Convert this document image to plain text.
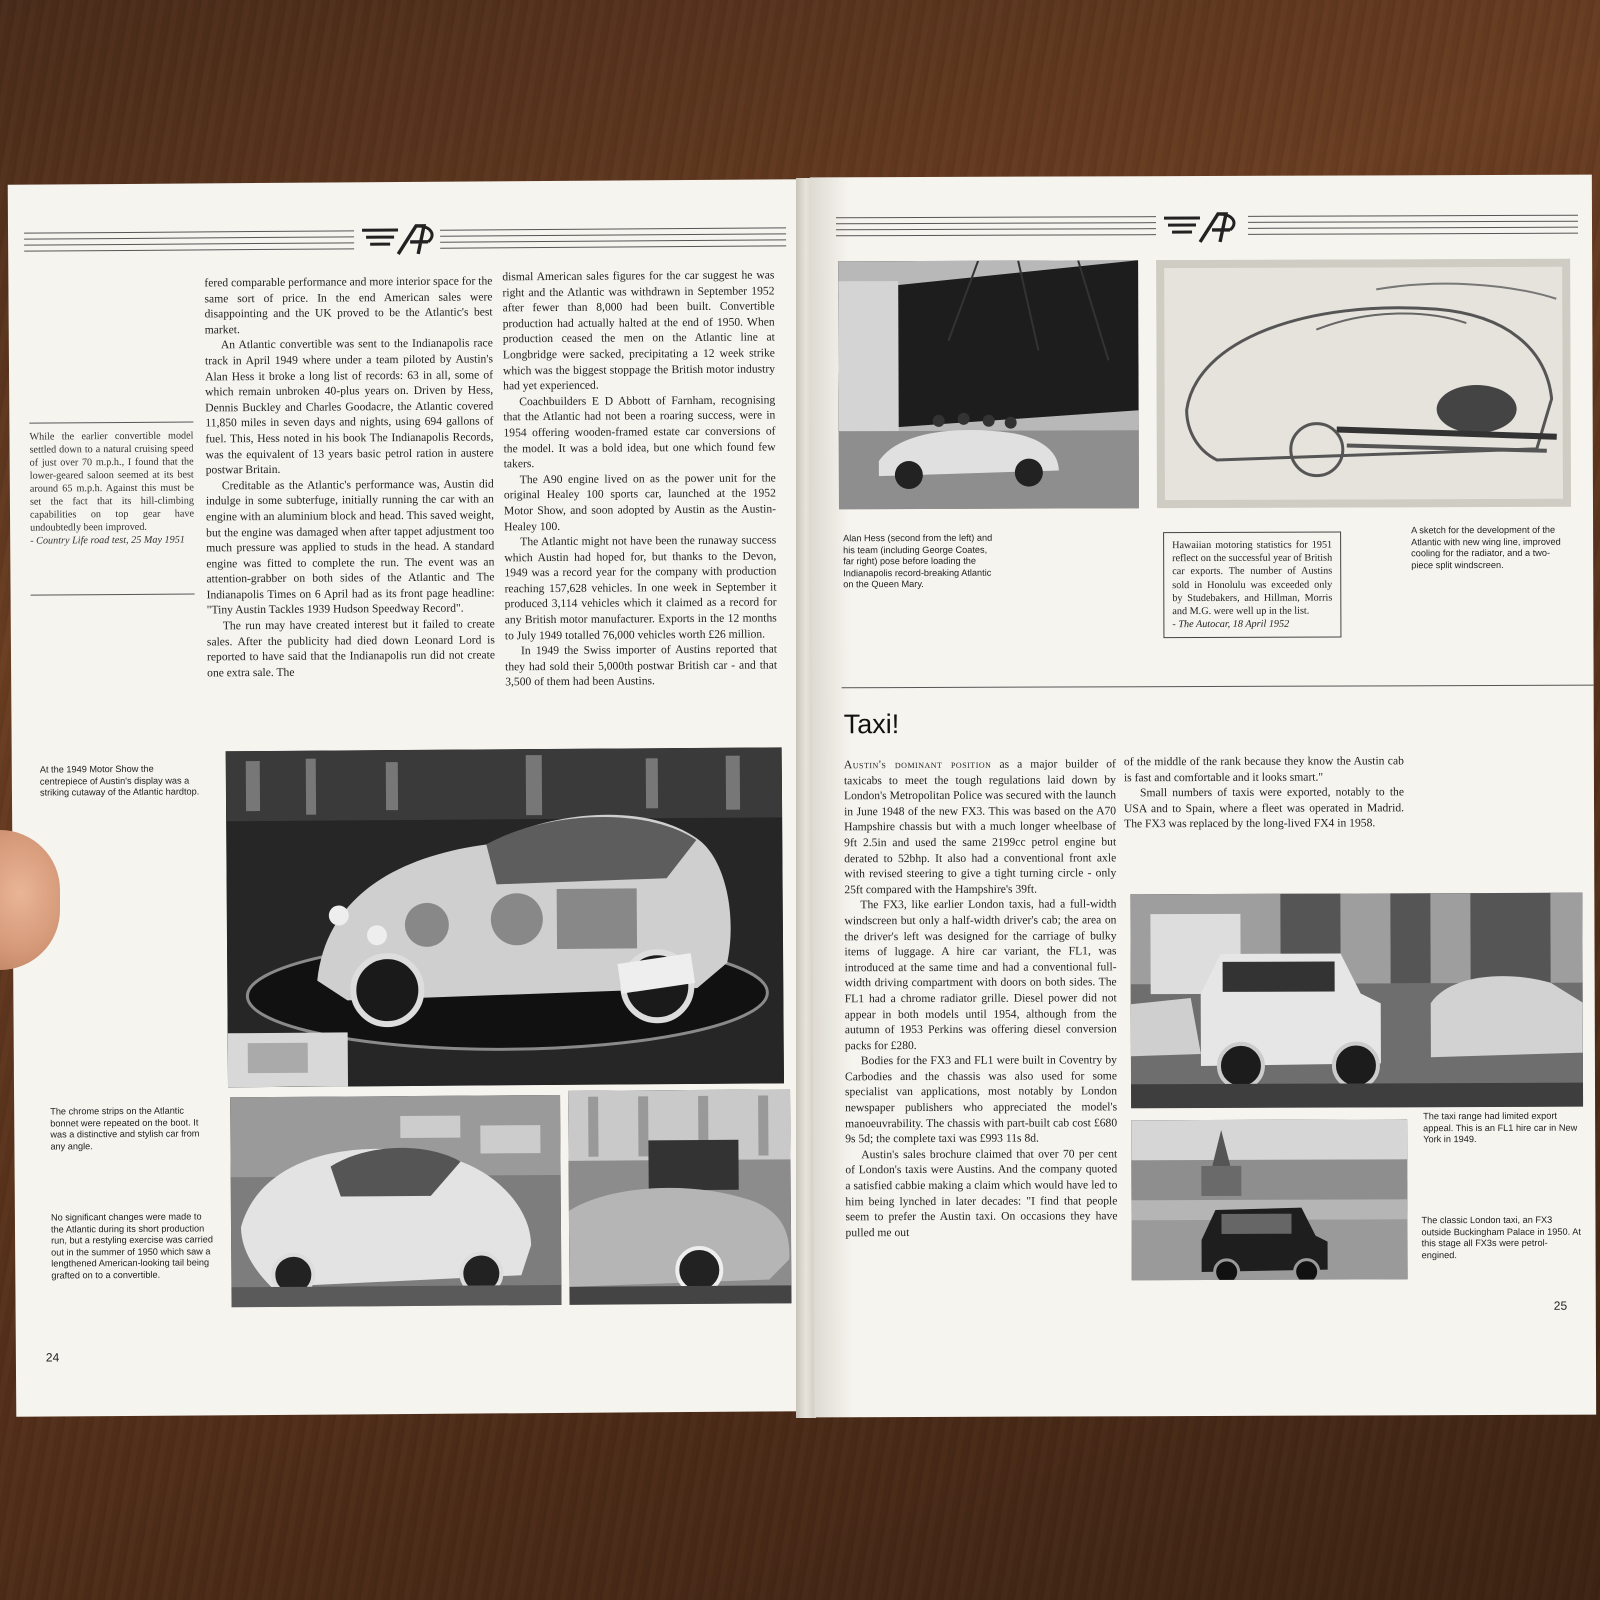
fered comparable performance and more interior space for the same sort of price. In the end American sales were disappointing and the UK proved to be the Atlantic's best market.

An Atlantic convertible was sent to the Indianapolis race track in April 1949 where under a team piloted by Austin's Alan Hess it broke a long list of records: 63 in all, some of which remain unbroken 40-plus years on. Driven by Hess, Dennis Buckley and Charles Goodacre, the Atlantic covered 11,850 miles in seven days and nights, using 694 gallons of fuel. This, Hess noted in his book The Indianapolis Records, was the equivalent of 13 years basic petrol ration in austere postwar Britain.

Creditable as the Atlantic's performance was, Austin did indulge in some subterfuge, initially running the car with an engine with an aluminium block and head. This saved weight, but the engine was damaged when after tappet adjustment too much pressure was applied to studs in the head. A standard engine was fitted to complete the run. The event was an attention-grabber on both sides of the Atlantic and The Indianapolis Times on 6 April had as its front page headline: "Tiny Austin Tackles 1939 Hudson Speedway Record".

The run may have created interest but it failed to create sales. After the publicity had died down Leonard Lord is reported to have said that the Indianapolis run did not create one extra sale. The

dismal American sales figures for the car suggest he was right and the Atlantic was withdrawn in September 1952 after fewer than 8,000 had been built. Convertible production had actually halted at the end of 1950. When production ceased the men on the Atlantic line at Longbridge were sacked, precipitating a 12 week strike which was the biggest stoppage the British motor industry had yet experienced.

Coachbuilders E D Abbott of Farnham, recognising that the Atlantic had not been a roaring success, were in 1954 offering wooden-framed estate car conversions of the model. It was a bold idea, but one which found few takers.

The A90 engine lived on as the power unit for the original Healey 100 sports car, launched at the 1952 Motor Show, and soon adopted by Austin as the Austin-Healey 100.

The Atlantic might not have been the runaway success which Austin had hoped for, but thanks to the Devon, 1949 was a record year for the company with production reaching 157,628 vehicles. In one week in September it produced 3,114 vehicles which it claimed as a record for any British motor manufacturer. Exports in the 12 months to July 1949 totalled 76,000 vehicles worth £26 million.

In 1949 the Swiss importer of Austins reported that they had sold their 5,000th postwar British car - and that 3,500 of them had been Austins.

While the earlier convertible model settled down to a natural cruising speed of just over 70 m.p.h., I found that the lower-geared saloon seemed at its best around 65 m.p.h. Against this must be set the fact that its hill-climbing capabilities on top gear have undoubtedly been improved.
- Country Life road test, 25 May 1951
At the 1949 Motor Show the centrepiece of Austin's display was a striking cutaway of the Atlantic hardtop.
The chrome strips on the Atlantic bonnet were repeated on the boot. It was a distinctive and stylish car from any angle.
No significant changes were made to the Atlantic during its short production run, but a restyling exercise was carried out in the summer of 1950 which saw a lengthened American-looking tail being grafted on to a convertible.
24
Alan Hess (second from the left) and his team (including George Coates, far right) pose before loading the Indianapolis record-breaking Atlantic on the Queen Mary.
Hawaiian motoring statistics for 1951 reflect on the successful year of British car exports. The number of Austins sold in Honolulu was exceeded only by Studebakers, and Hillman, Morris and M.G. were well up in the list.
- The Autocar, 18 April 1952
A sketch for the development of the Atlantic with new wing line, improved cooling for the radiator, and a two-piece split windscreen.
Taxi!

Austin's dominant position as a major builder of taxicabs to meet the tough regulations laid down by London's Metropolitan Police was secured with the launch in June 1948 of the new FX3. This was based on the A70 Hampshire chassis but with a much longer wheelbase of 9ft 2.5in and used the same 2199cc petrol engine but derated to 52bhp. It also had a conventional front axle with revised steering to give a tight turning circle - only 25ft compared with the Hampshire's 39ft.

The FX3, like earlier London taxis, had a full-width windscreen but only a half-width driver's cab; the area on the driver's left was designed for the carriage of bulky items of luggage. A hire car variant, the FL1, was introduced at the same time and had a conventional full-width driving compartment with doors on both sides. The FL1 had a chrome radiator grille. Diesel power did not appear in both models until 1954, although from the autumn of 1953 Perkins was offering diesel conversion packs for £280.

Bodies for the FX3 and FL1 were built in Coventry by Carbodies and the chassis was also used for some specialist van applications, most notably by London newspaper publishers who appreciated the model's manoeuvrability. The chassis with part-built cab cost £680 9s 5d; the complete taxi was £993 11s 8d.

Austin's sales brochure claimed that over 70 per cent of London's taxis were Austins. And the company quoted a satisfied cabbie making a claim which would have led to him being lynched in later decades: "I find that people seem to prefer the Austin taxi. On occasions they have pulled me out

of the middle of the rank because they know the Austin cab is fast and comfortable and it looks smart."

Small numbers of taxis were exported, notably to the USA and to Spain, where a fleet was operated in Madrid. The FX3 was replaced by the long-lived FX4 in 1958.

The taxi range had limited export appeal. This is an FL1 hire car in New York in 1949.
The classic London taxi, an FX3 outside Buckingham Palace in 1950. At this stage all FX3s were petrol-engined.
25
